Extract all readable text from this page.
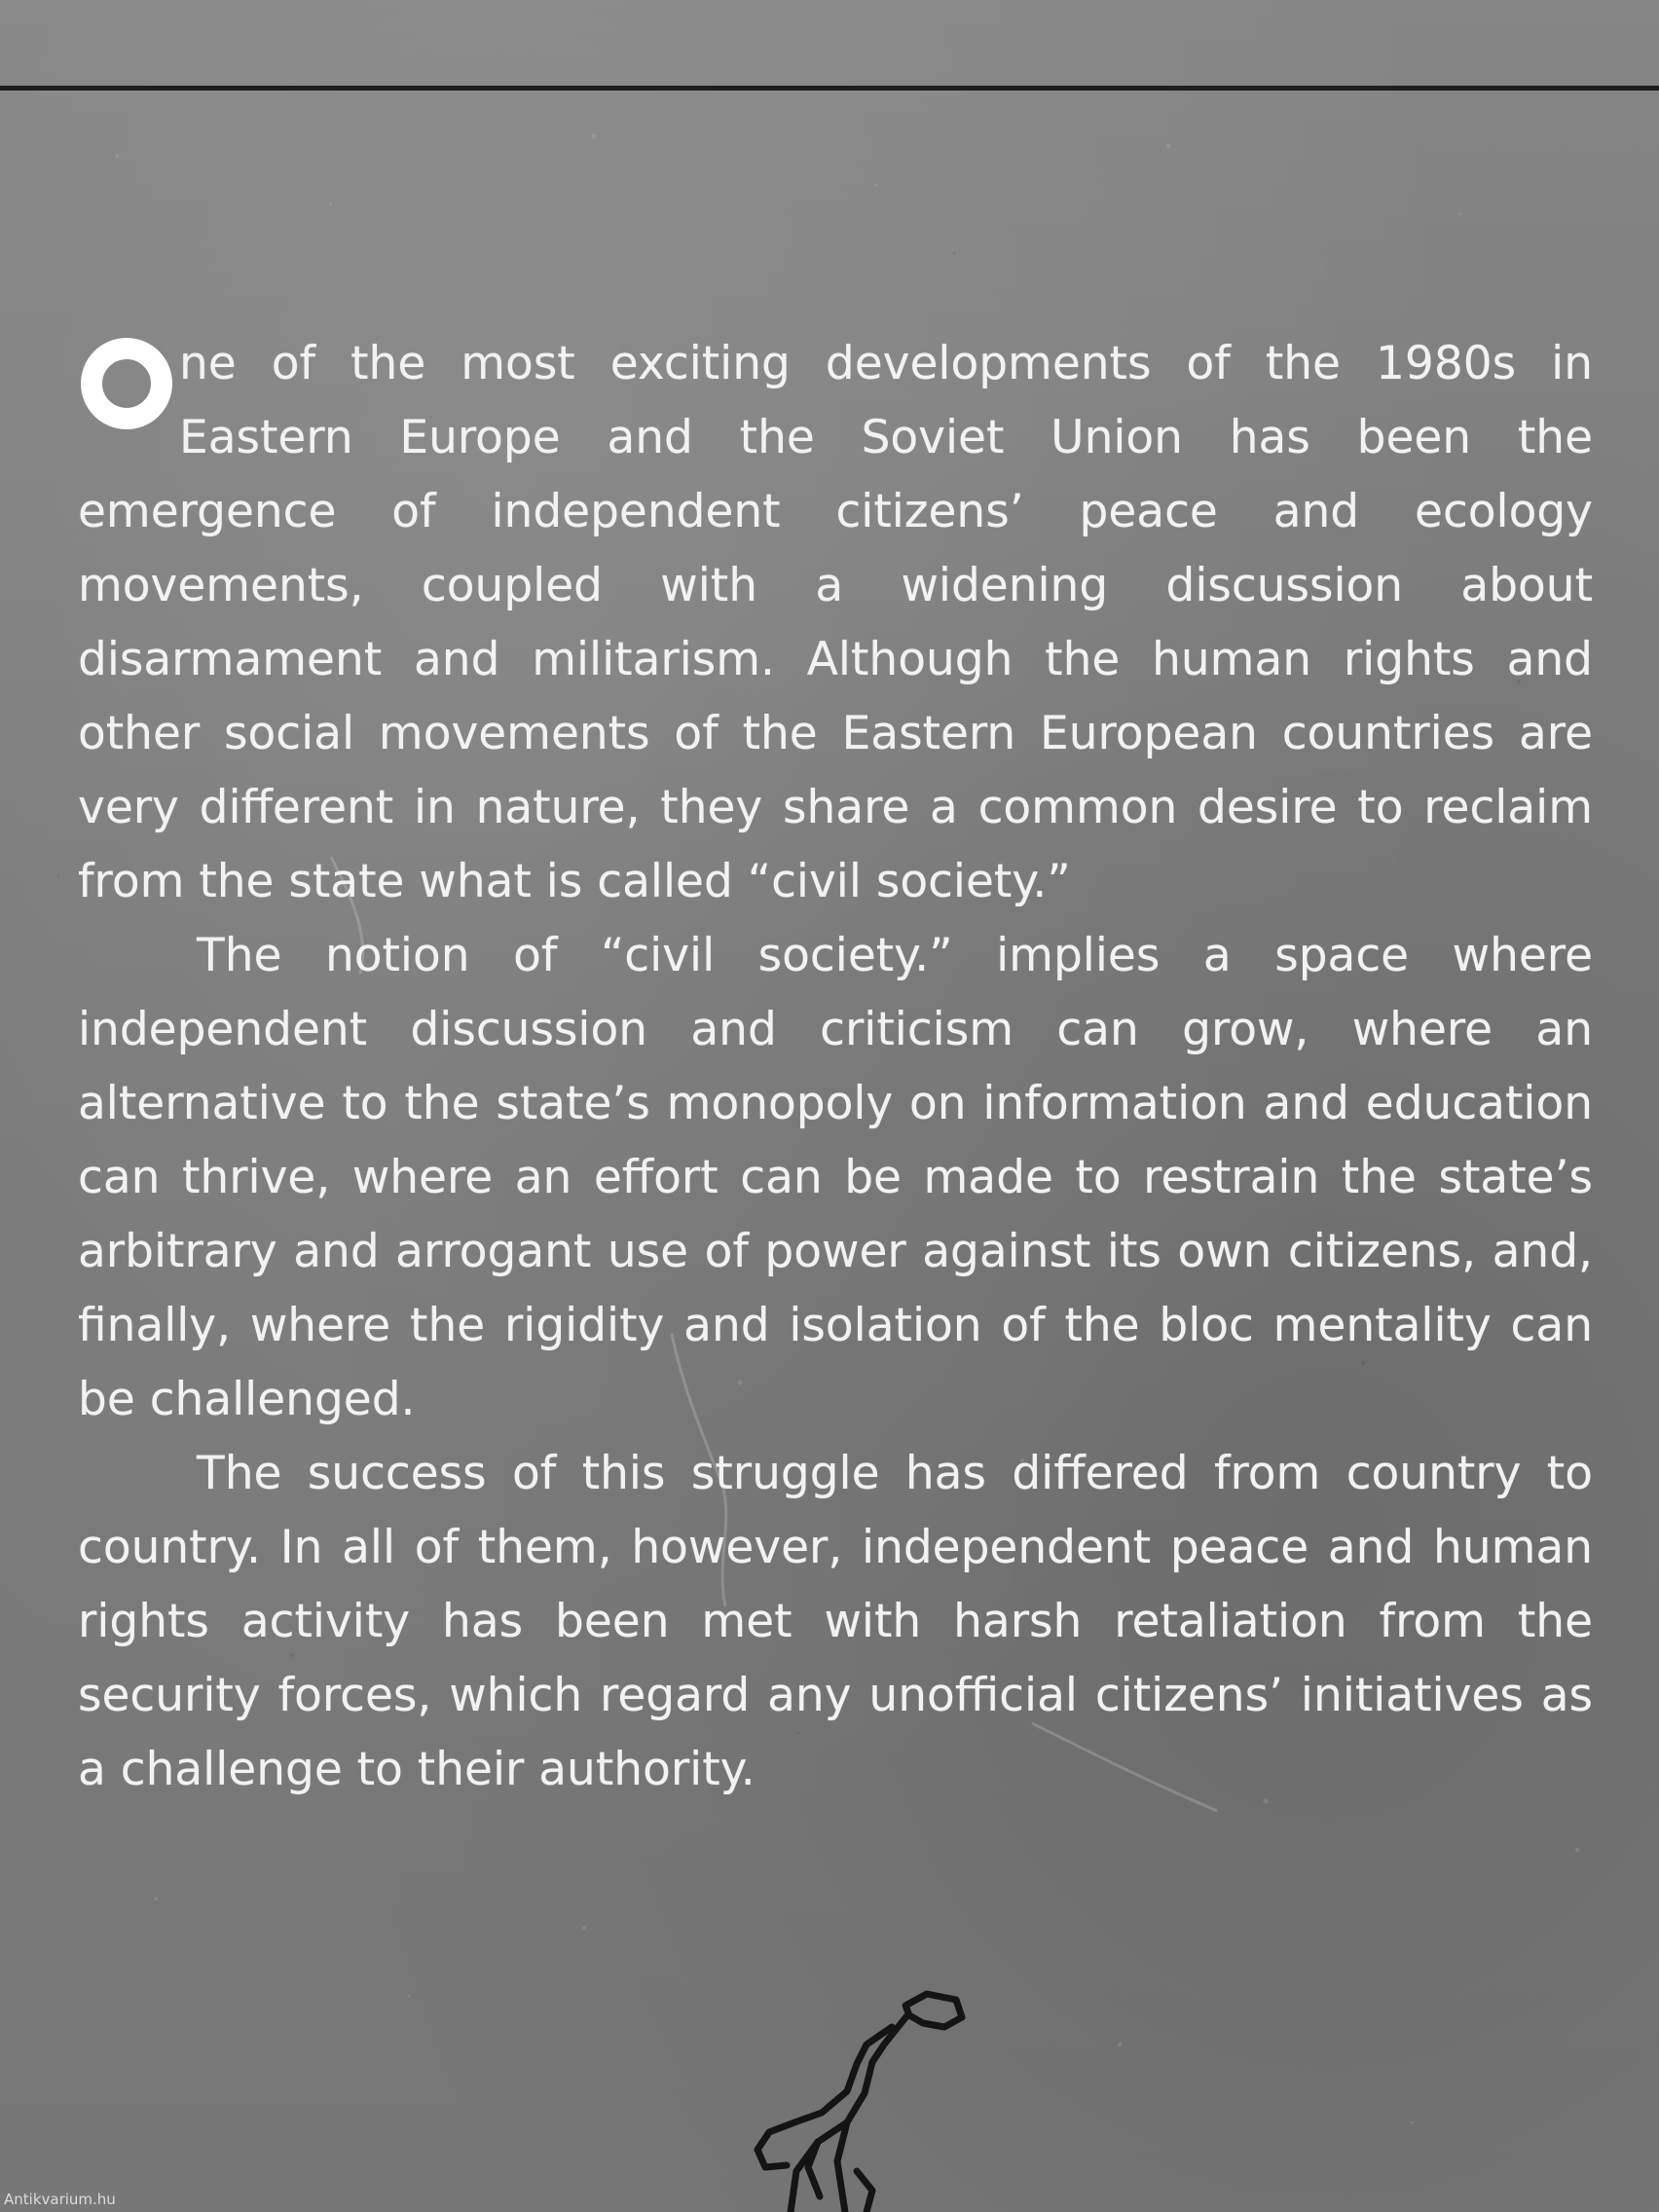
ne of the most exciting developments of the 1980s in Eastern Europe and the Soviet Union has been the emergence of independent citizens’ peace and ecology movements, coupled with a widening discussion about disarmament and militarism. Although the human rights and other social movements of the Eastern European countries are very different in nature, they share a common desire to reclaim from the state what is called “civil society.”

The notion of “civil society.” implies a space where independent discussion and criticism can grow, where an alternative to the state’s monopoly on information and education can thrive, where an effort can be made to restrain the state’s arbitrary and arrogant use of power against its own citizens, and, finally, where the rigidity and isolation of the bloc mentality can be challenged.

The success of this struggle has differed from country to country. In all of them, however, independent peace and human rights activity has been met with harsh retaliation from the security forces, which regard any unofficial citizens’ initiatives as a challenge to their authority.

Antikvarium.hu
